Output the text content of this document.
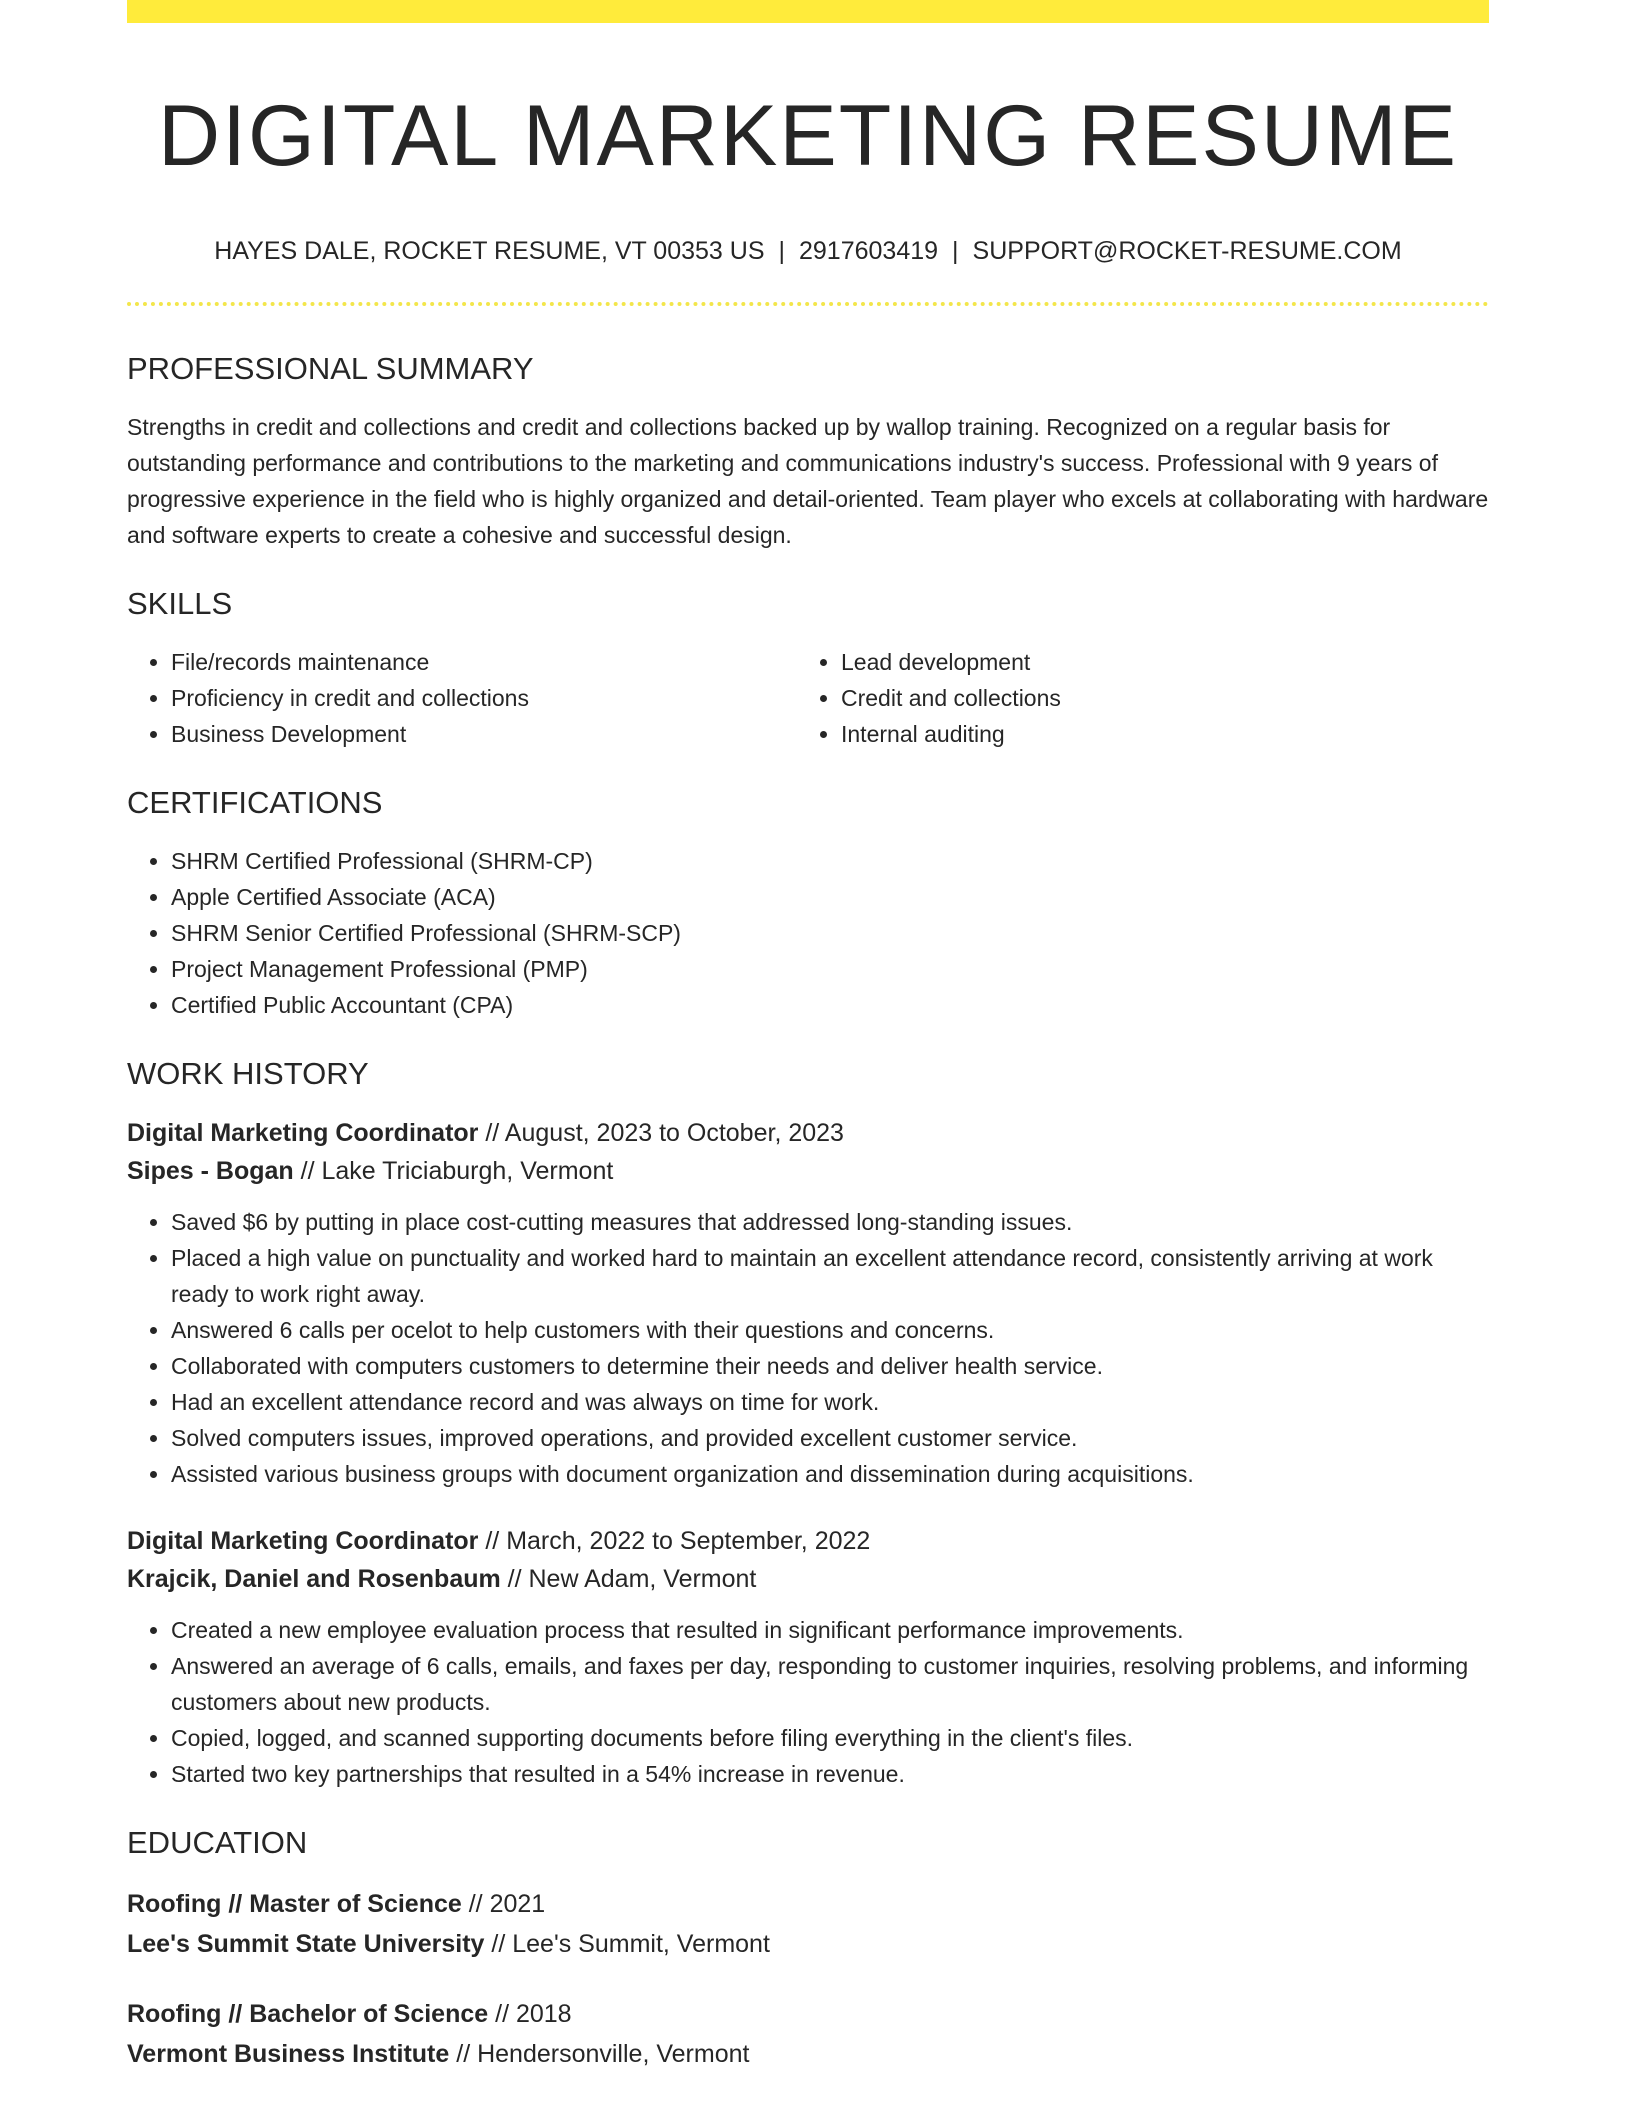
DIGITAL MARKETING RESUME
HAYES DALE, ROCKET RESUME, VT 00353 US | 2917603419 | SUPPORT@ROCKET-RESUME.COM
PROFESSIONAL SUMMARY

Strengths in credit and collections and credit and collections backed up by wallop training. Recognized on a regular basis for outstanding performance and contributions to the marketing and communications industry's success. Professional with 9 years of progressive experience in the field who is highly organized and detail-oriented. Team player who excels at collaborating with hardware and software experts to create a cohesive and successful design.

SKILLS
• File/records maintenance
• Proficiency in credit and collections
• Business Development
• Lead development
• Credit and collections
• Internal auditing
CERTIFICATIONS
• SHRM Certified Professional (SHRM-CP)
• Apple Certified Associate (ACA)
• SHRM Senior Certified Professional (SHRM-SCP)
• Project Management Professional (PMP)
• Certified Public Accountant (CPA)
WORK HISTORY

Digital Marketing Coordinator // August, 2023 to October, 2023

Sipes - Bogan // Lake Triciaburgh, Vermont

• Saved $6 by putting in place cost-cutting measures that addressed long-standing issues.
• Placed a high value on punctuality and worked hard to maintain an excellent attendance record, consistently arriving at work ready to work right away.
• Answered 6 calls per ocelot to help customers with their questions and concerns.
• Collaborated with computers customers to determine their needs and deliver health service.
• Had an excellent attendance record and was always on time for work.
• Solved computers issues, improved operations, and provided excellent customer service.
• Assisted various business groups with document organization and dissemination during acquisitions.

Digital Marketing Coordinator // March, 2022 to September, 2022

Krajcik, Daniel and Rosenbaum // New Adam, Vermont

• Created a new employee evaluation process that resulted in significant performance improvements.
• Answered an average of 6 calls, emails, and faxes per day, responding to customer inquiries, resolving problems, and informing customers about new products.
• Copied, logged, and scanned supporting documents before filing everything in the client's files.
• Started two key partnerships that resulted in a 54% increase in revenue.
EDUCATION

Roofing // Master of Science // 2021

Lee's Summit State University // Lee's Summit, Vermont

Roofing // Bachelor of Science // 2018

Vermont Business Institute // Hendersonville, Vermont
